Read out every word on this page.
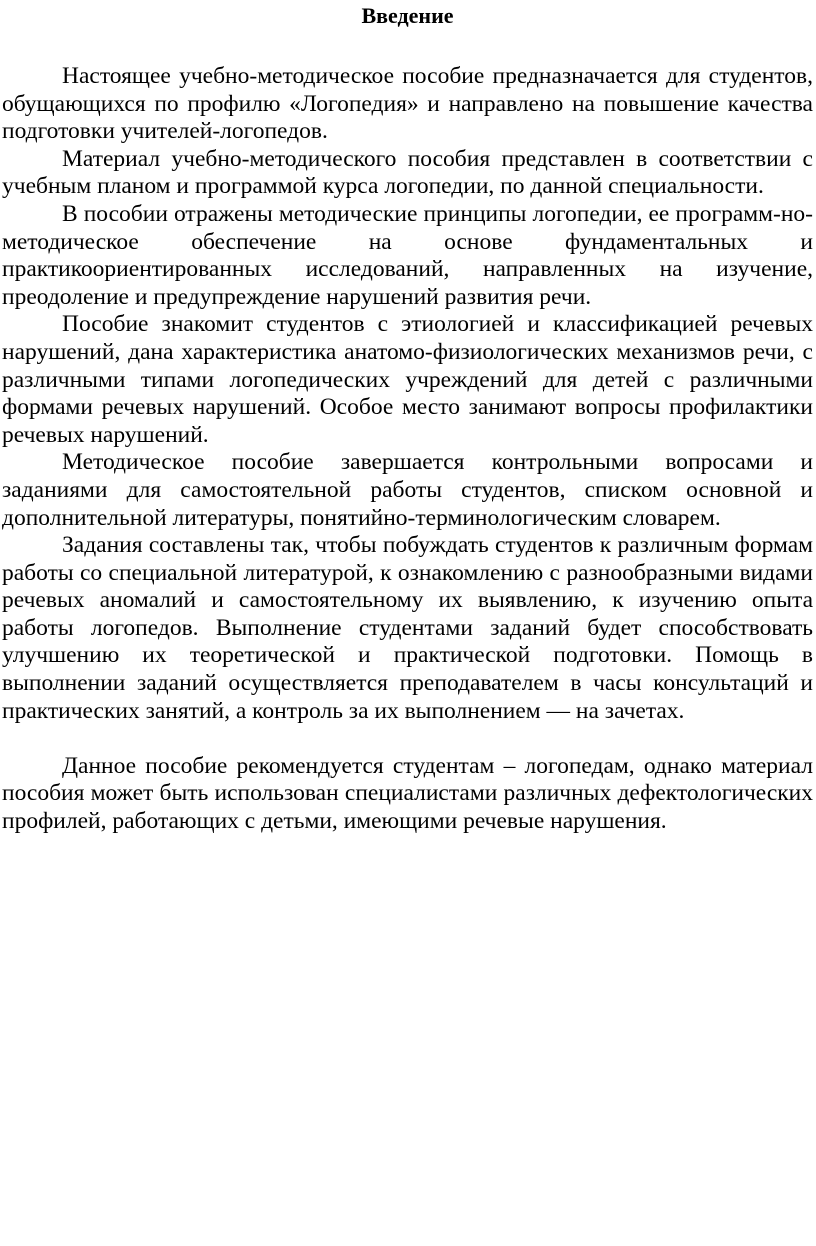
Введение

Настоящее учебно-методическое пособие предназначается для студентов, обущающихся по профилю «Логопедия» и направлено на повышение качества подготовки учителей-логопедов.

Материал учебно-методического пособия представлен в соответствии с учебным планом и программой курса логопедии, по данной специальности.

В пособии отражены методические принципы логопедии, ее программ-но-методическое обеспечение на основе фундаментальных и практикоориентированных исследований, направленных на изучение, преодоление и предупреждение нарушений развития речи.

Пособие знакомит студентов с этиологией и классификацией речевых нарушений, дана характеристика анатомо-физиологических механизмов речи, с различными типами логопедических учреждений для детей с различными формами речевых нарушений. Особое место занимают вопросы профилактики речевых нарушений.

Методическое пособие завершается контрольными вопросами и заданиями для самостоятельной работы студентов, списком основной и дополнительной литературы, понятийно-терминологическим словарем.

Задания составлены так, чтобы побуждать студентов к различным формам работы со специальной литературой, к ознакомлению с разнообразными видами речевых аномалий и самостоятельному их выявлению, к изучению опыта работы логопедов. Выполнение студентами заданий будет способствовать улучшению их теоретической и практической подготовки. Помощь в выполнении заданий осуществляется преподавателем в часы консультаций и практических занятий, а контроль за их выполнением — на зачетах.

Данное пособие рекомендуется студентам – логопедам, однако материал пособия может быть использован специалистами различных дефектологических профилей, работающих с детьми, имеющими речевые нарушения.
